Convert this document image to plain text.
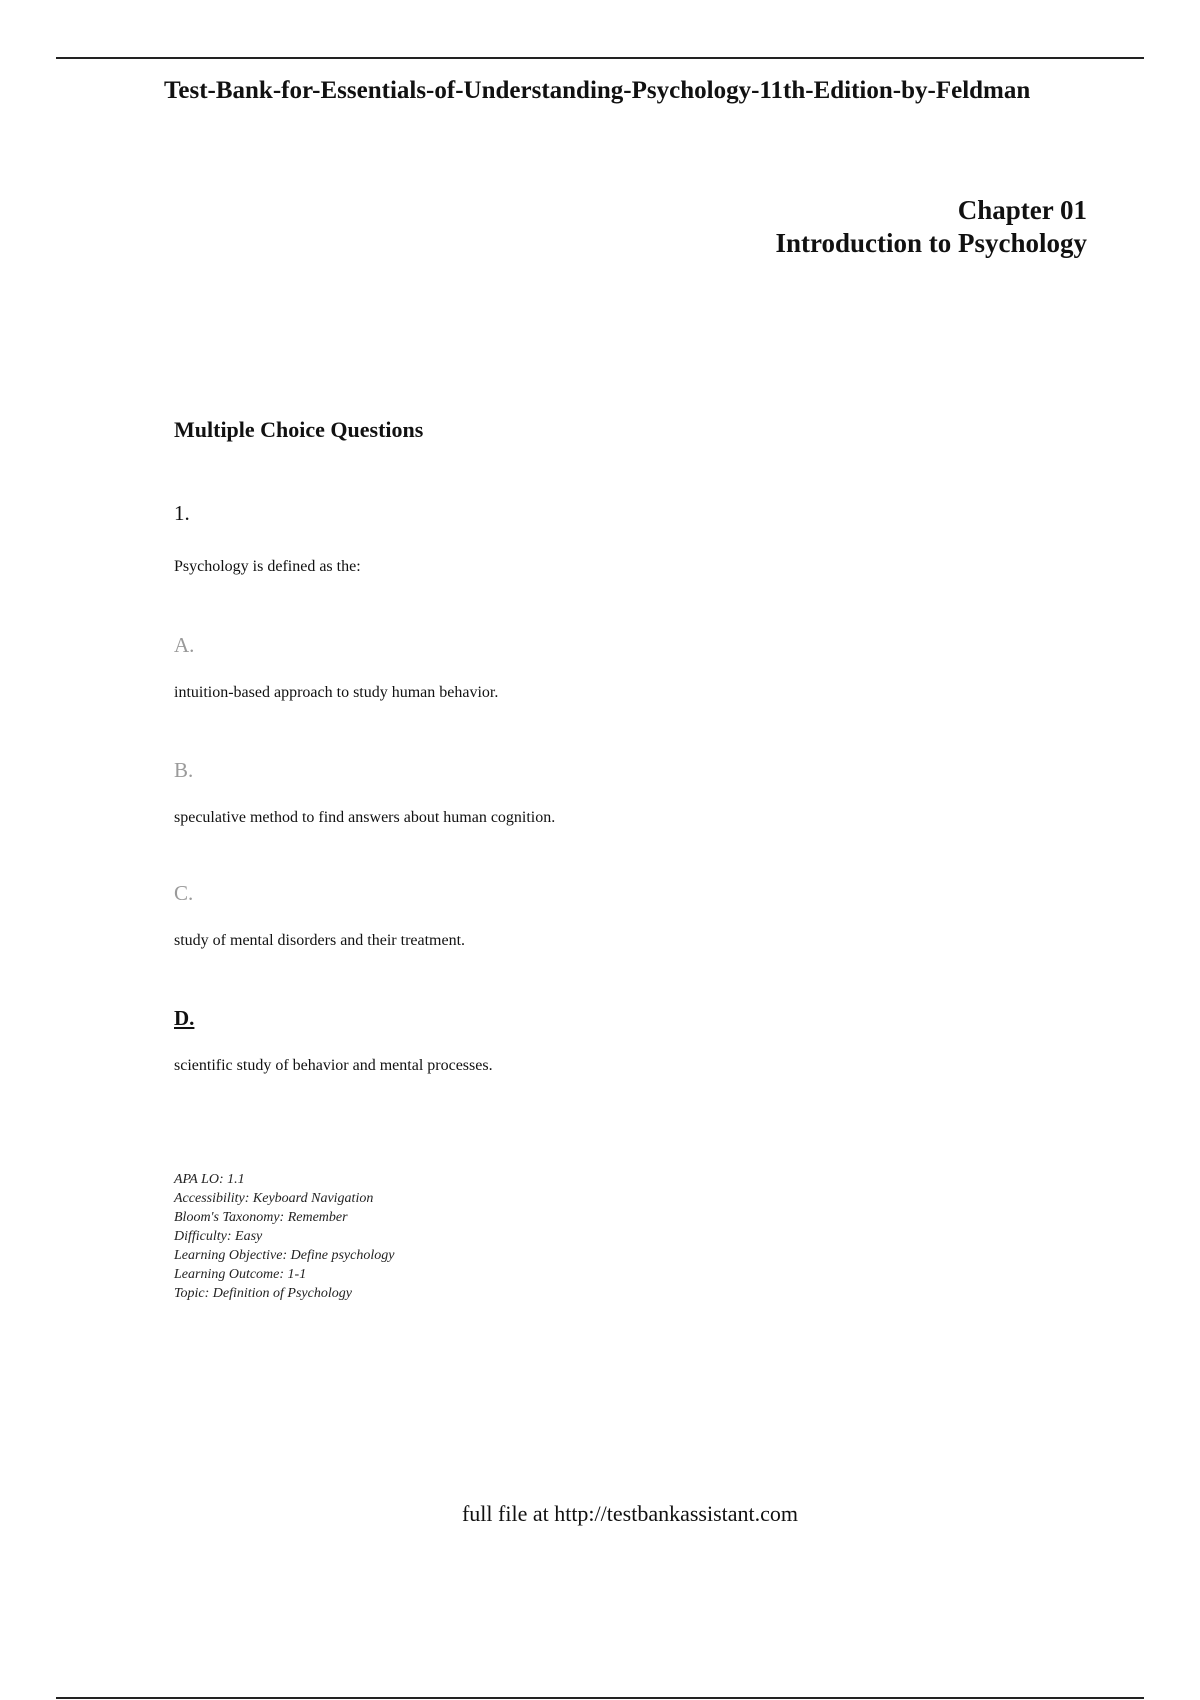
Test-Bank-for-Essentials-of-Understanding-Psychology-11th-Edition-by-Feldman
Chapter 01
Introduction to Psychology
Multiple Choice Questions
1.
Psychology is defined as the:
A.
intuition-based approach to study human behavior.
B.
speculative method to find answers about human cognition.
C.
study of mental disorders and their treatment.
D.
scientific study of behavior and mental processes.
APA LO: 1.1
Accessibility: Keyboard Navigation
Bloom's Taxonomy: Remember
Difficulty: Easy
Learning Objective: Define psychology
Learning Outcome: 1-1
Topic: Definition of Psychology
full file at http://testbankassistant.com
